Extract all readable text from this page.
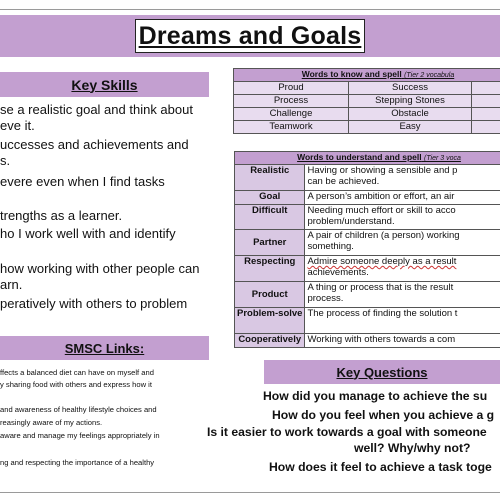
Dreams and Goals
Key Skills
se a realistic goal and think about
eve it.
uccesses and achievements and
s.
evere even when I find tasks
trengths as a learner.
ho I work well with and identify
how working with other people can
arn.
peratively with others to problem
SMSC Links:
ffects a balanced diet can have on myself and
y sharing food with others and express how it
and awareness of healthy lifestyle choices and
reasingly aware of my actions.
aware and manage my feelings appropriately in
ng and respecting the importance of a healthy
Words to know and spell (Tier 2 vocabula		
Proud	Success	
Process	Stepping Stones	
Challenge	Obstacle	
Teamwork	Easy	
Words to understand and spell (Tier 3 voca	
Realistic	Having or showing a sensible and p
can be achieved.

Goal	A person’s ambition or effort, an air

Difficult	Needing much effort or skill to acco
problem/understand.

Partner	A pair of children (a person) working
something.

Respecting	Admire someone deeply as a result
achievements.

Product	A thing or process that is the result
process.

Problem-solve	The process of finding the solution t

Cooperatively	Working with others towards a com
Key Questions
How did you manage to achieve the su
How do you feel when you achieve a g
Is it easier to work towards a goal with someone
well? Why/why not?
How does it feel to achieve a task toge
